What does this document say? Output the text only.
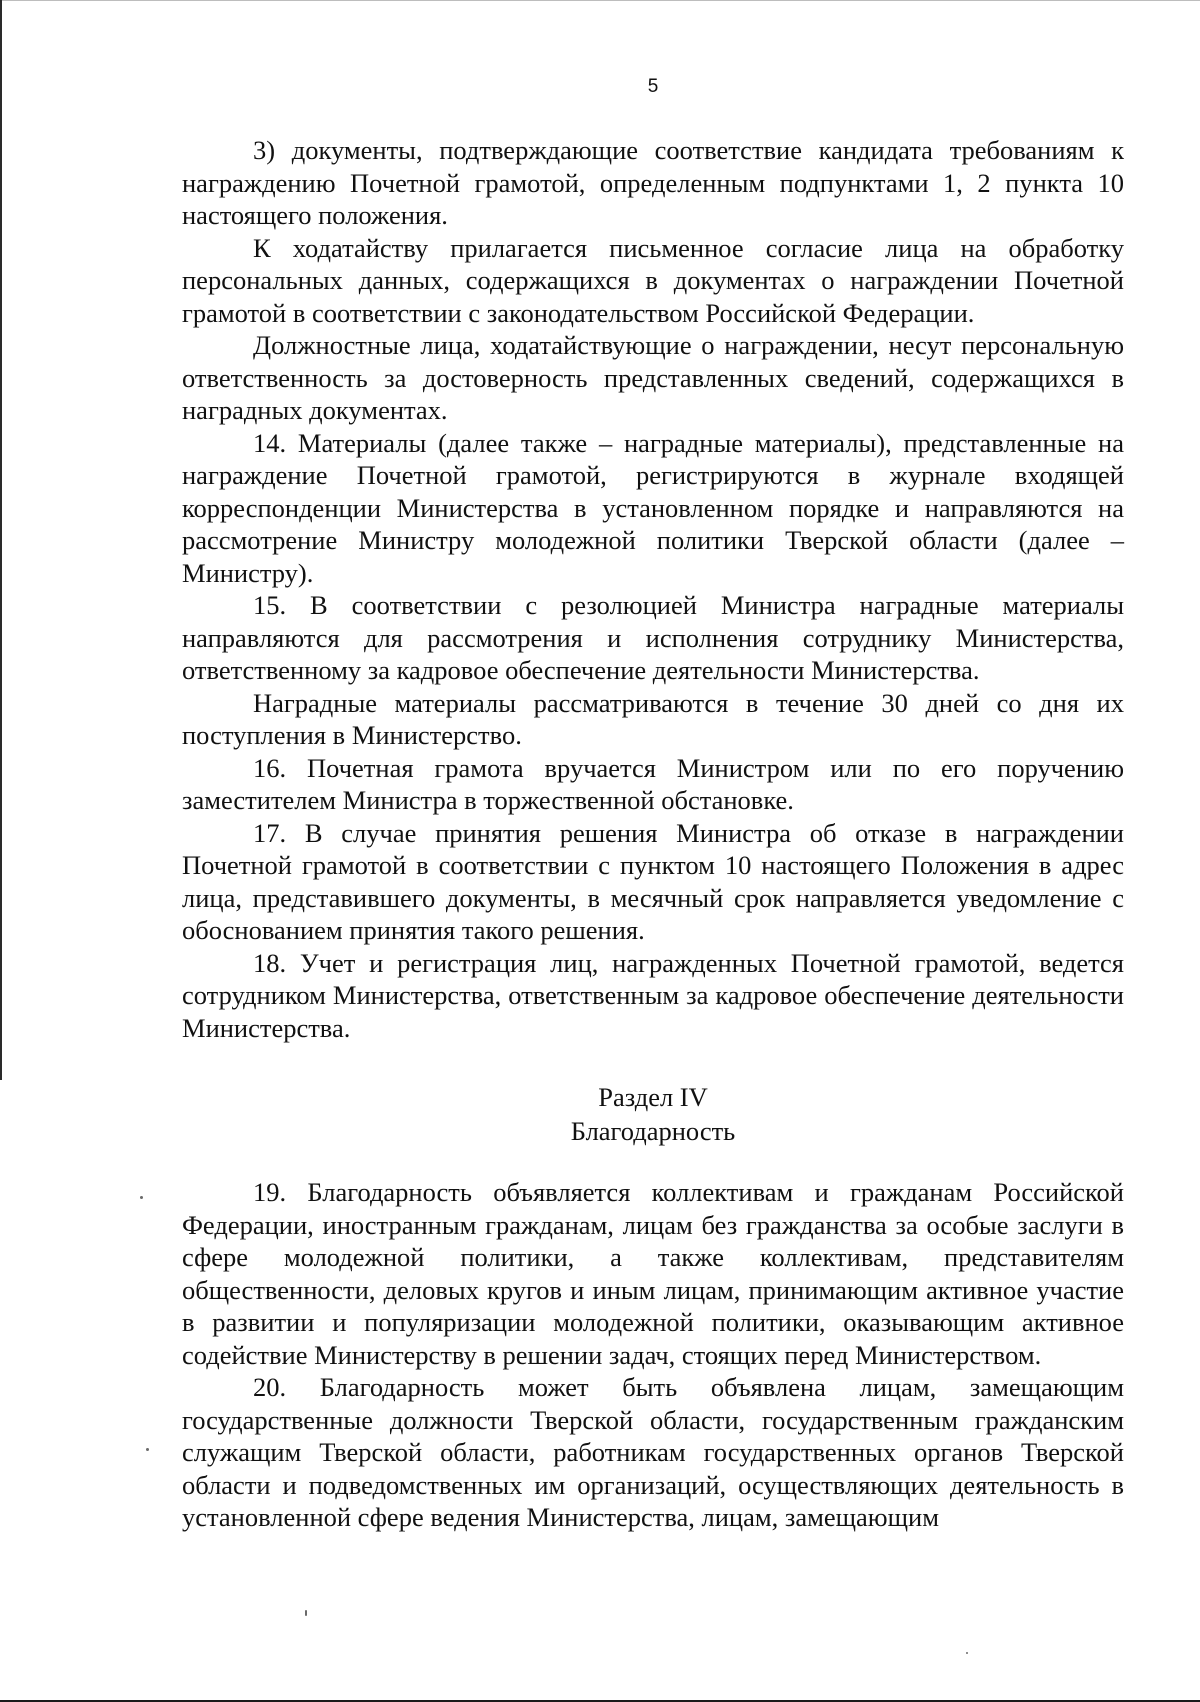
5

3) документы, подтверждающие соответствие кандидата требованиям к награждению Почетной грамотой, определенным подпунктами 1, 2 пункта 10 настоящего положения.

К ходатайству прилагается письменное согласие лица на обработку персональных данных, содержащихся в документах о награждении Почетной грамотой в соответствии с законодательством Российской Федерации.

Должностные лица, ходатайствующие о награждении, несут персональную ответственность за достоверность представленных сведений, содержащихся в наградных документах.

14. Материалы (далее также – наградные материалы), представленные на награждение Почетной грамотой, регистрируются в журнале входящей корреспонденции Министерства в установленном порядке и направляются на рассмотрение Министру молодежной политики Тверской области (далее – Министру).

15. В соответствии с резолюцией Министра наградные материалы направляются для рассмотрения и исполнения сотруднику Министерства, ответственному за кадровое обеспечение деятельности Министерства.

Наградные материалы рассматриваются в течение 30 дней со дня их поступления в Министерство.

16. Почетная грамота вручается Министром или по его поручению заместителем Министра в торжественной обстановке.

17. В случае принятия решения Министра об отказе в награждении Почетной грамотой в соответствии с пунктом 10 настоящего Положения в адрес лица, представившего документы, в месячный срок направляется уведомление с обоснованием принятия такого решения.

18. Учет и регистрация лиц, награжденных Почетной грамотой, ведется сотрудником Министерства, ответственным за кадровое обеспечение деятельности Министерства.

Раздел IV
Благодарность

19. Благодарность объявляется коллективам и гражданам Российской Федерации, иностранным гражданам, лицам без гражданства за особые заслуги в сфере молодежной политики, а также коллективам, представителям общественности, деловых кругов и иным лицам, принимающим активное участие в развитии и популяризации молодежной политики, оказывающим активное содействие Министерству в решении задач, стоящих перед Министерством.

20. Благодарность может быть объявлена лицам, замещающим государственные должности Тверской области, государственным гражданским служащим Тверской области, работникам государственных органов Тверской области и подведомственных им организаций, осуществляющих деятельность в установленной сфере ведения Министерства, лицам, замещающим
